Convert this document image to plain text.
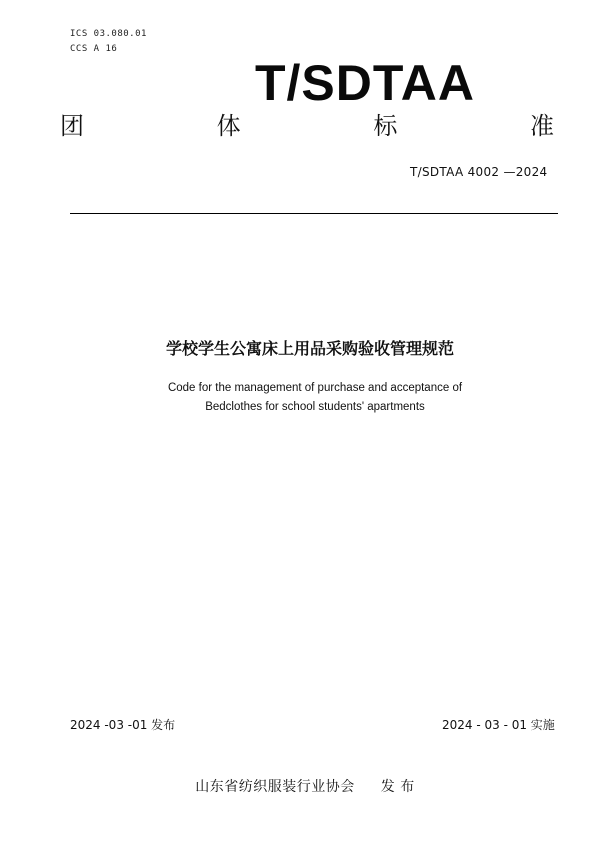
ICS 03.080.01
CCS A 16
T/SDTAA
团	体	标	准
T/SDTAA 4002 —2024
学校学生公寓床上用品采购验收管理规范
Code for the management of purchase and acceptance of
Bedclothes for school students' apartments
2024 -03 -01 发布	2024 - 03 - 01 实施
山东省纺织服装行业协会 发 布
